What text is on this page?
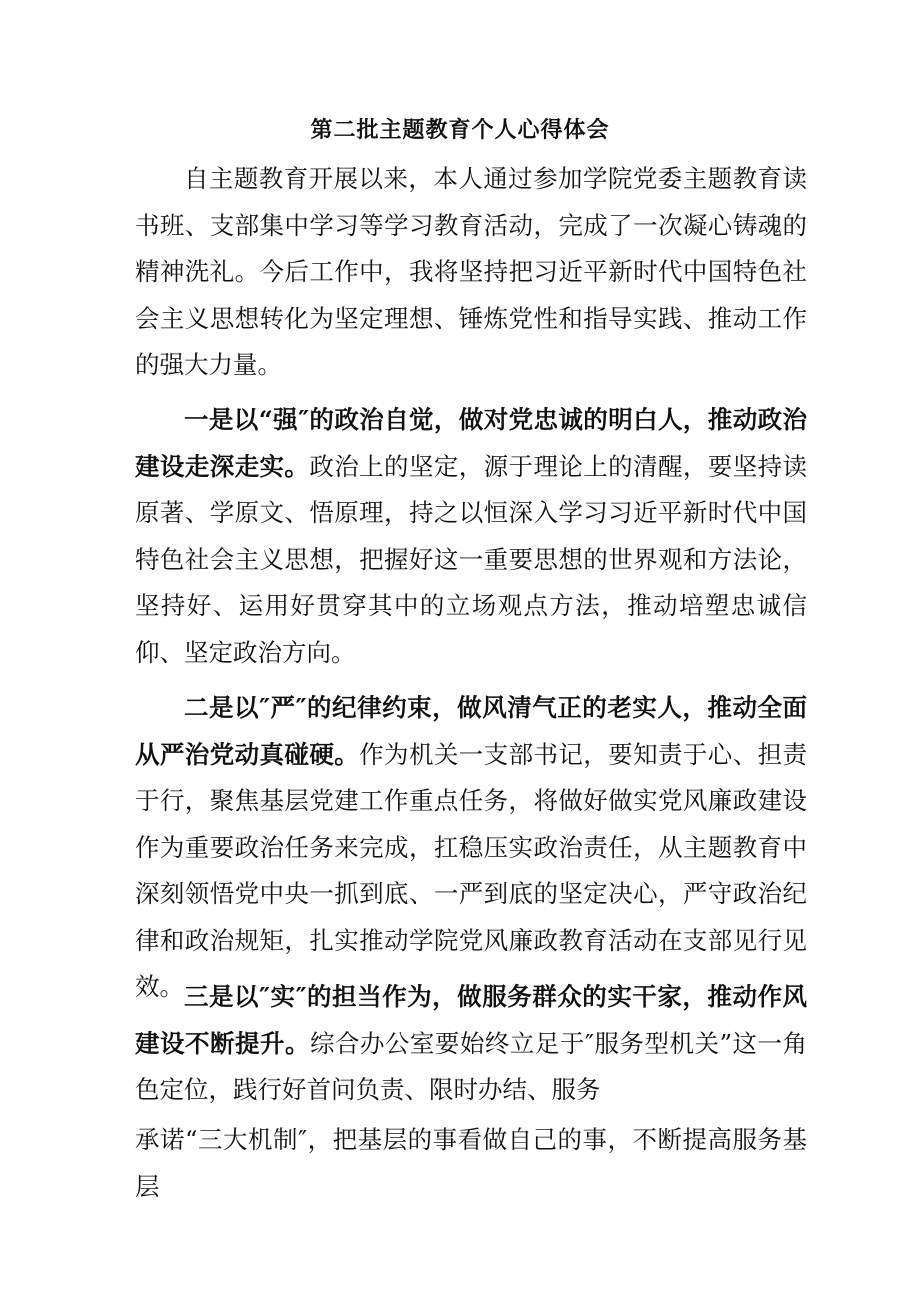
第二批主题教育个人心得体会

自主题教育开展以来，本人通过参加学院党委主题教育读书班、支部集中学习等学习教育活动，完成了一次凝心铸魂的精神洗礼。今后工作中，我将坚持把习近平新时代中国特色社会主义思想转化为坚定理想、锤炼党性和指导实践、推动工作的强大力量。

一是以“强″的政治自觉，做对党忠诚的明白人，推动政治建设走深走实。政治上的坚定，源于理论上的清醒，要坚持读原著、学原文、悟原理，持之以恒深入学习习近平新时代中国特色社会主义思想，把握好这一重要思想的世界观和方法论，坚持好、运用好贯穿其中的立场观点方法，推动培塑忠诚信仰、坚定政治方向。

二是以″严″的纪律约束，做风清气正的老实人，推动全面从严治党动真碰硬。作为机关一支部书记，要知责于心、担责于行，聚焦基层党建工作重点任务，将做好做实党风廉政建设作为重要政治任务来完成，扛稳压实政治责任，从主题教育中深刻领悟党中央一抓到底、一严到底的坚定决心，严守政治纪律和政治规矩，扎实推动学院党风廉政教育活动在支部见行见效。 三是以″实″的担当作为，做服务群众的实干家，推动作风建设不断提升。综合办公室要始终立足于″服务型机关”这一角色定位，践行好首问负责、限时办结、服务

承诺“三大机制″，把基层的事看做自己的事，不断提高服务基层
